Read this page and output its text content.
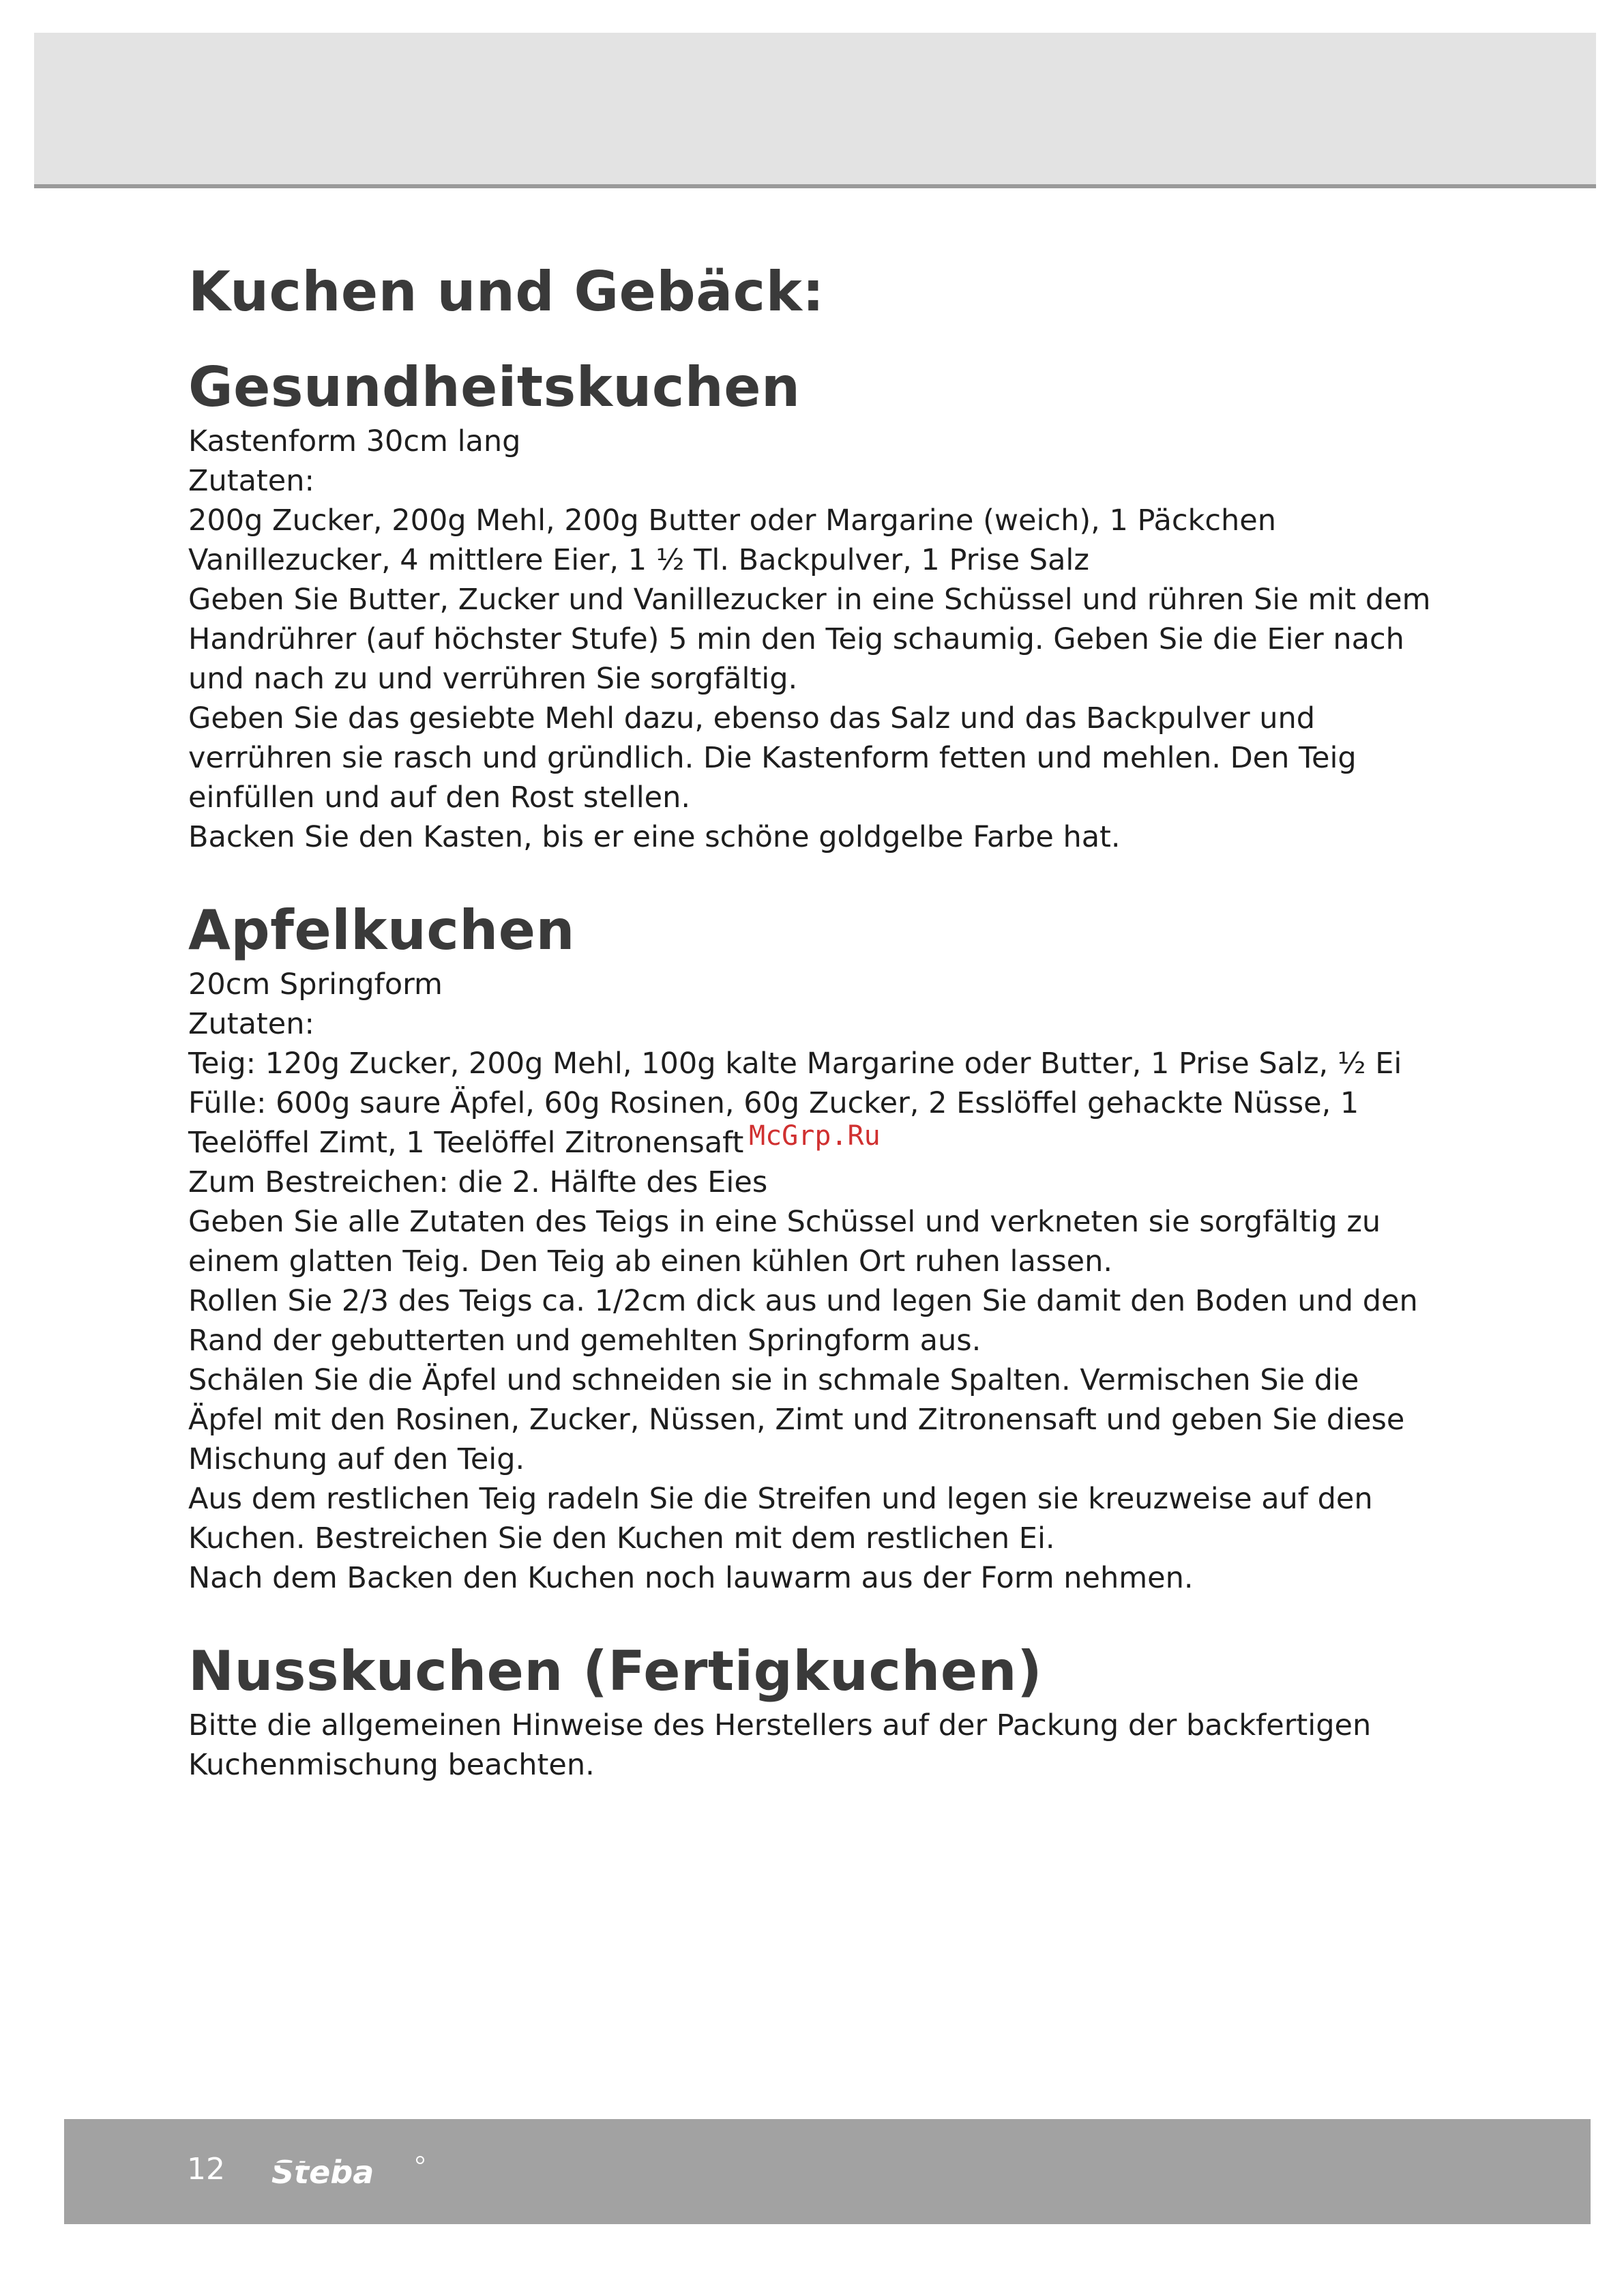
Kuchen und Gebäck:
Gesundheitskuchen
Kastenform 30cm lang
Zutaten:
200g Zucker, 200g Mehl, 200g Butter oder Margarine (weich), 1 Päckchen
Vanillezucker, 4 mittlere Eier, 1 ½ Tl. Backpulver, 1 Prise Salz
Geben Sie Butter, Zucker und Vanillezucker in eine Schüssel und rühren Sie mit dem
Handrührer (auf höchster Stufe) 5 min den Teig schaumig. Geben Sie die Eier nach
und nach zu und verrühren Sie sorgfältig.
Geben Sie das gesiebte Mehl dazu, ebenso das Salz und das Backpulver und
verrühren sie rasch und gründlich. Die Kastenform fetten und mehlen. Den Teig
einfüllen und auf den Rost stellen.
Backen Sie den Kasten, bis er eine schöne goldgelbe Farbe hat.
Apfelkuchen
20cm Springform
Zutaten:
Teig: 120g Zucker, 200g Mehl, 100g kalte Margarine oder Butter, 1 Prise Salz, ½ Ei
Fülle: 600g saure Äpfel, 60g Rosinen, 60g Zucker, 2 Esslöffel gehackte Nüsse, 1
Teelöffel Zimt, 1 Teelöffel Zitronensaft
Zum Bestreichen: die 2. Hälfte des Eies
Geben Sie alle Zutaten des Teigs in eine Schüssel und verkneten sie sorgfältig zu
einem glatten Teig. Den Teig ab einen kühlen Ort ruhen lassen.
Rollen Sie 2/3 des Teigs ca. 1/2cm dick aus und legen Sie damit den Boden und den
Rand der gebutterten und gemehlten Springform aus.
Schälen Sie die Äpfel und schneiden sie in schmale Spalten. Vermischen Sie die
Äpfel mit den Rosinen, Zucker, Nüssen, Zimt und Zitronensaft und geben Sie diese
Mischung auf den Teig.
Aus dem restlichen Teig radeln Sie die Streifen und legen sie kreuzweise auf den
Kuchen. Bestreichen Sie den Kuchen mit dem restlichen Ei.
Nach dem Backen den Kuchen noch lauwarm aus der Form nehmen.
Nusskuchen (Fertigkuchen)
Bitte die allgemeinen Hinweise des Herstellers auf der Packung der backfertigen
Kuchenmischung beachten.
McGrp.Ru
12 Steba
